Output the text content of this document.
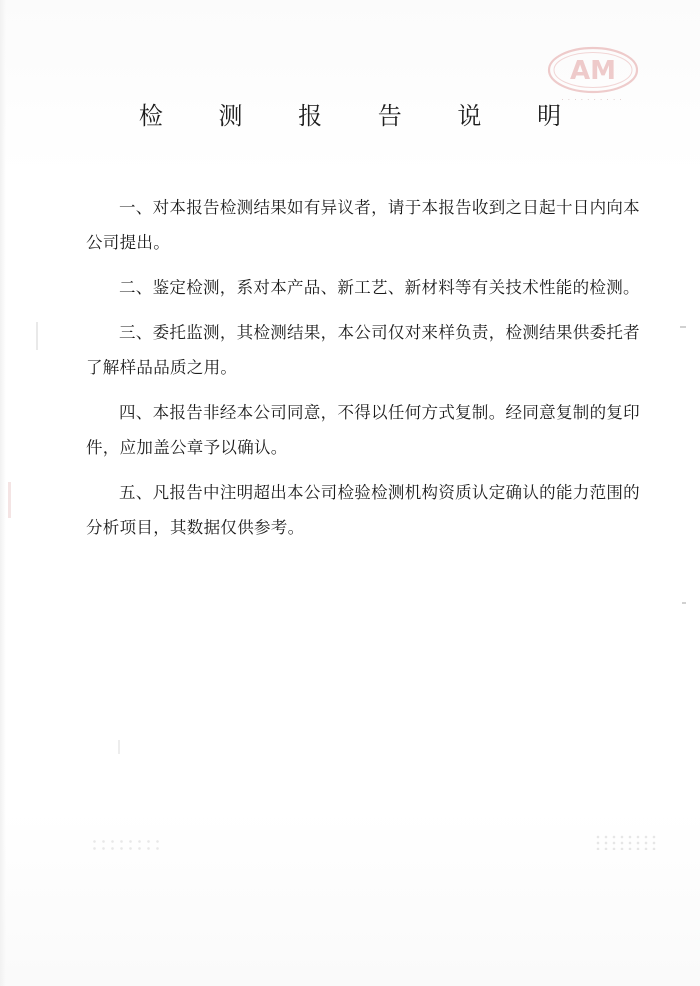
AM
· · · · · · · · · ·
检 测 报 告 说 明

一、对本报告检测结果如有异议者，请于本报告收到之日起十日内向本公司提出。

二、鉴定检测，系对本产品、新工艺、新材料等有关技术性能的检测。

三、委托监测，其检测结果，本公司仅对来样负责，检测结果供委托者了解样品品质之用。

四、本报告非经本公司同意，不得以任何方式复制。经同意复制的复印件，应加盖公章予以确认。

五、凡报告中注明超出本公司检验检测机构资质认定确认的能力范围的分析项目，其数据仅供参考。
